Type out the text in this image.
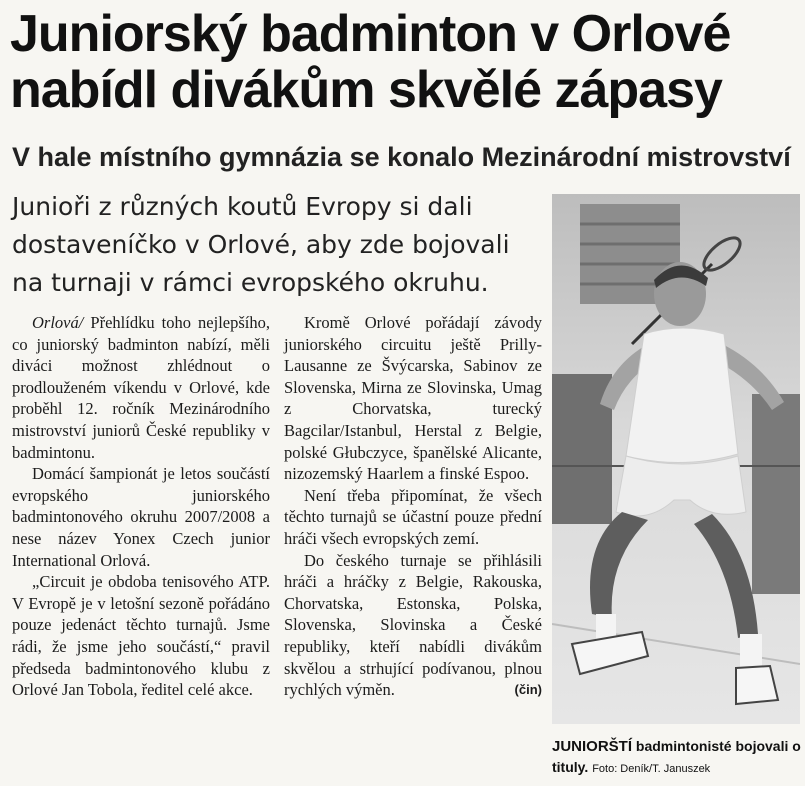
Juniorský badminton v Orlové nabídl divákům skvělé zápasy
V hale místního gymnázia se konalo Mezinárodní mistrovství

Junioři z různých koutů Evropy si dali dostaveníčko v Orlové, aby zde bojovali na turnaji v rámci evropského okruhu.

Orlová/ Přehlídku toho nejlepšího, co juniorský badminton nabízí, měli diváci možnost zhlédnout o prodlouženém víkendu v Orlové, kde proběhl 12. ročník Mezinárodního mistrovství juniorů České republiky v badmintonu.

Domácí šampionát je letos součástí evropského juniorského badmintonového okruhu 2007/2008 a nese název Yonex Czech junior International Orlová.

„Circuit je obdoba tenisového ATP. V Evropě je v letošní sezoně pořádáno pouze jedenáct těchto turnajů. Jsme rádi, že jsme jeho součástí,“ pravil předseda badmintonového klubu z Orlové Jan Tobola, ředitel celé akce.

Kromě Orlové pořádají závody juniorského circuitu ještě Prilly-Lausanne ze Švýcarska, Sabinov ze Slovenska, Mirna ze Slovinska, Umag z Chorvatska, turecký Bagcilar/Istanbul, Herstal z Belgie, polské Głubczyce, španělské Alicante, nizozemský Haarlem a finské Espoo.

Není třeba připomínat, že všech těchto turnajů se účastní pouze přední hráči všech evropských zemí.

Do českého turnaje se přihlásili hráči a hráčky z Belgie, Rakouska, Chorvatska, Estonska, Polska, Slovenska, Slovinska a České republiky, kteří nabídli divákům skvělou a strhující podívanou, plnou rychlých výměn.	(čin)

JUNIORŠTÍ badmintonisté bojovali o tituly. Foto: Deník/T. Januszek
